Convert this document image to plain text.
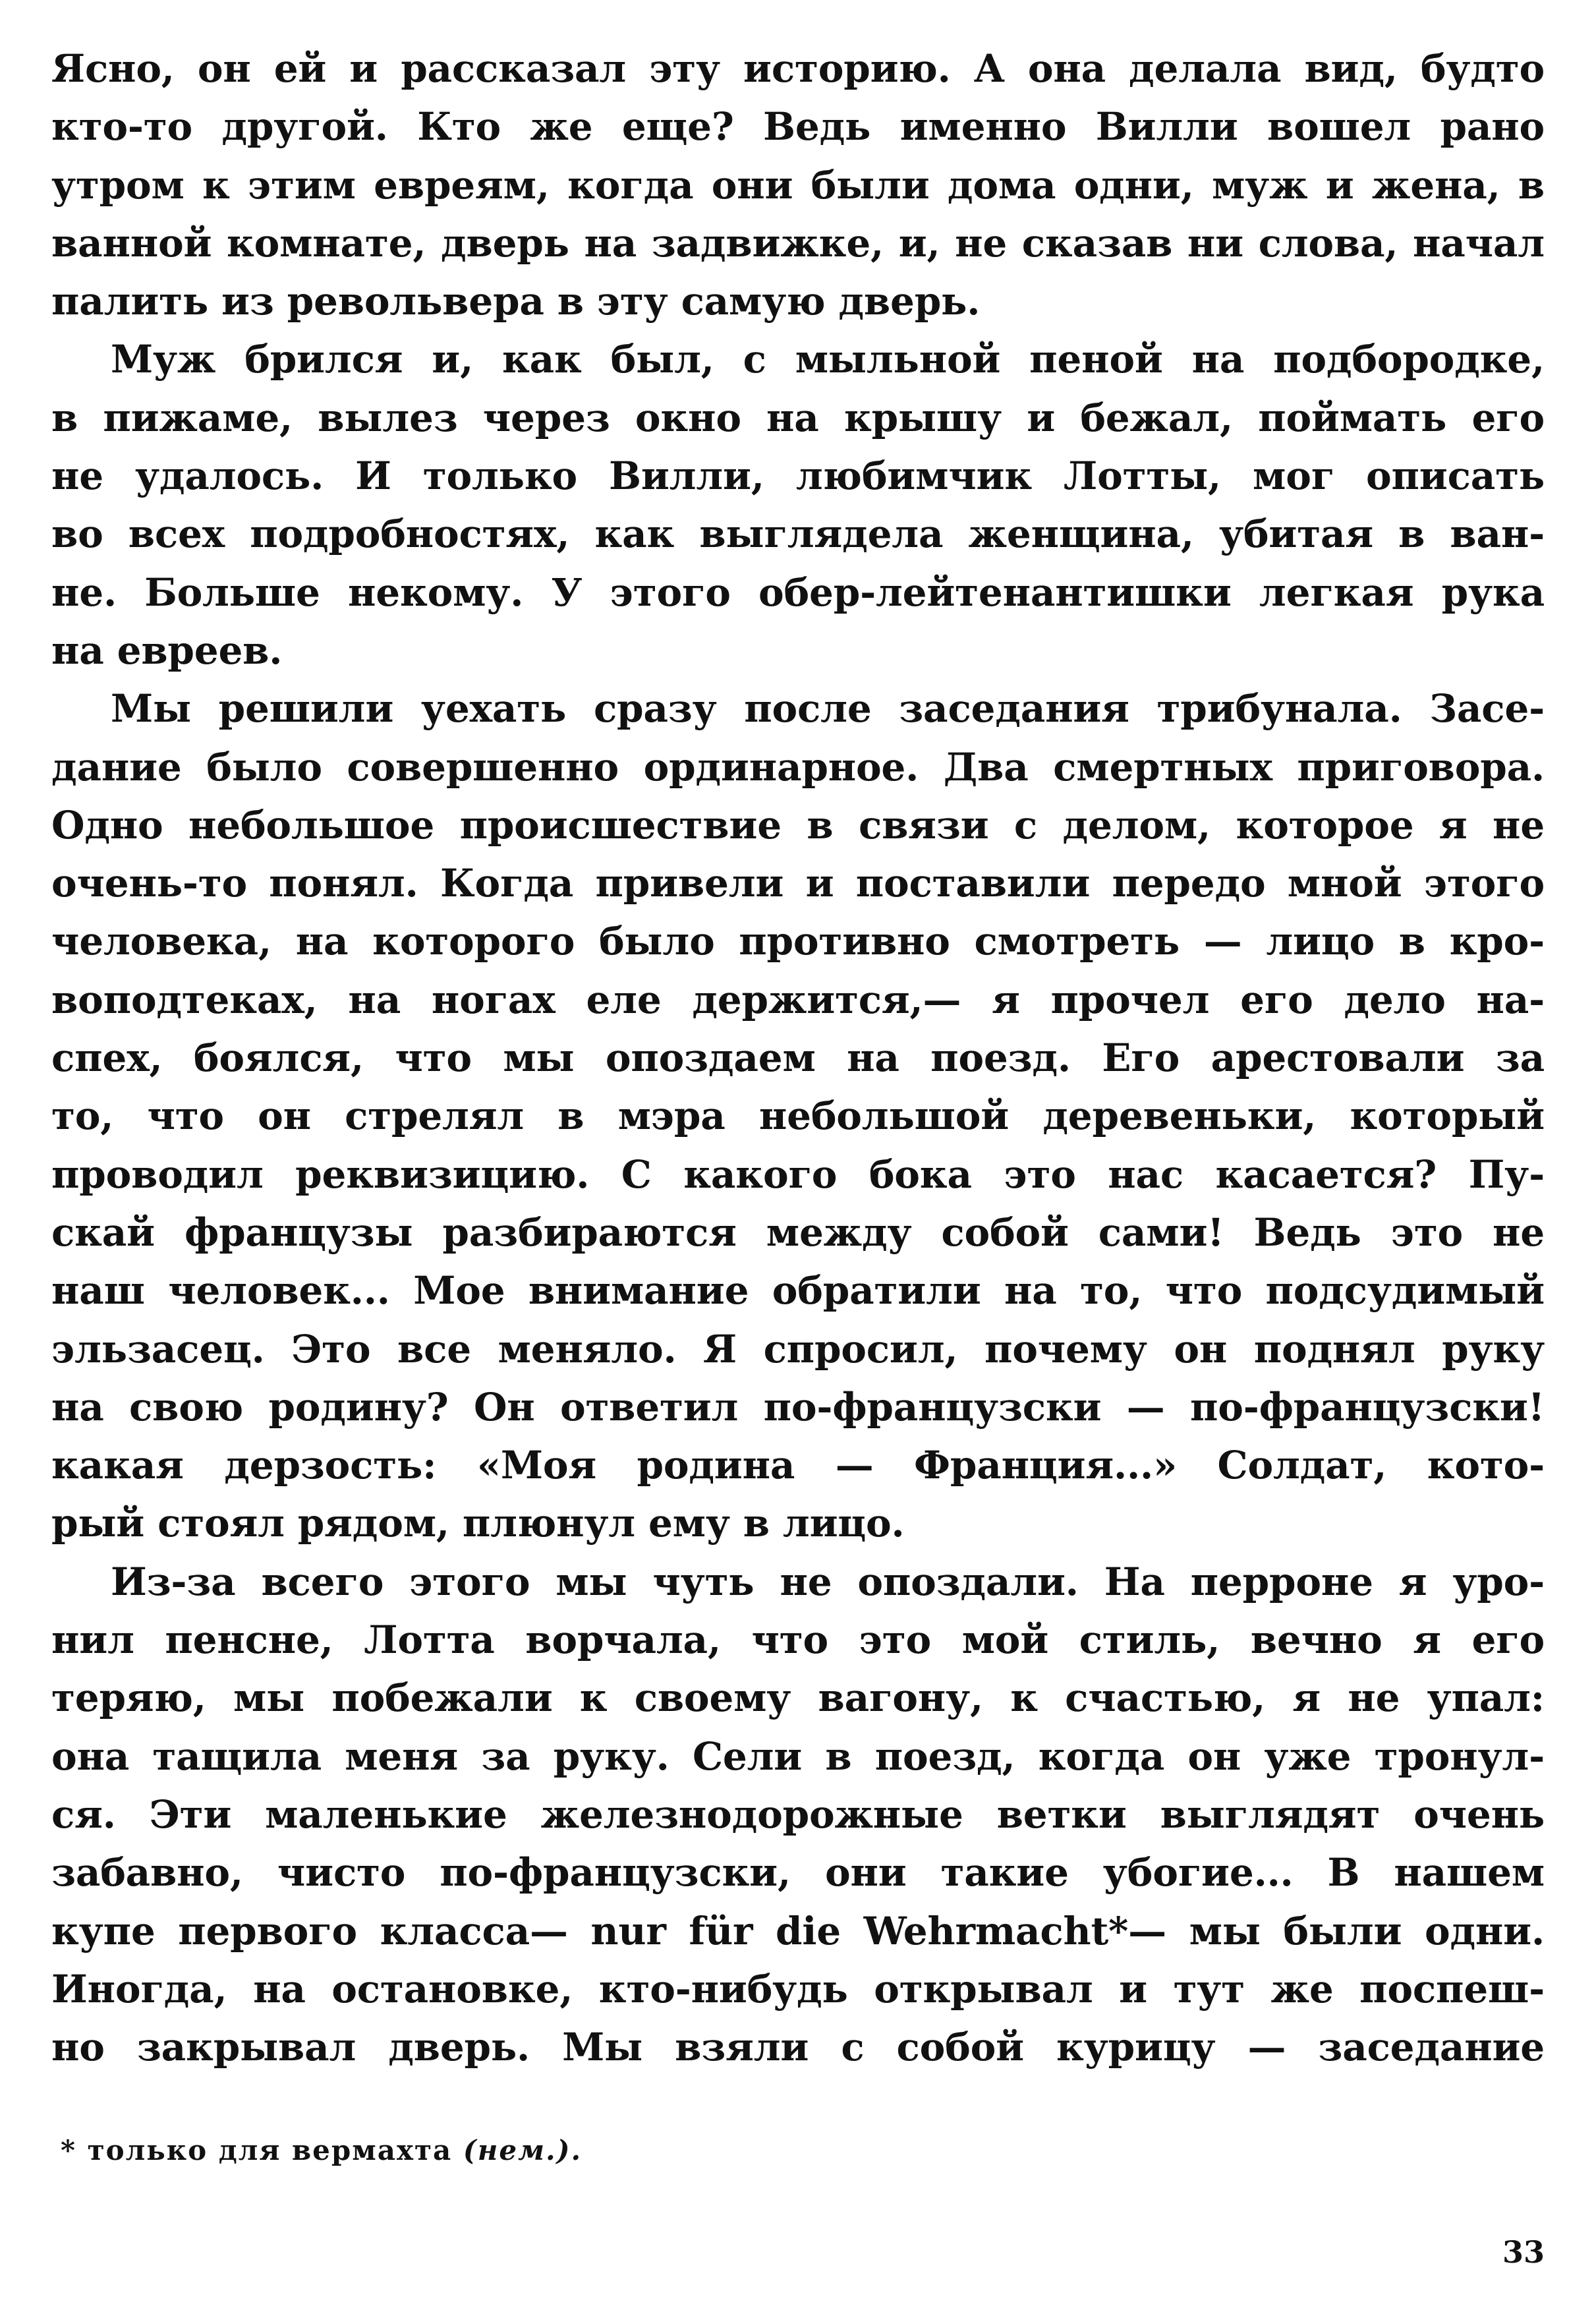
Ясно, он ей и рассказал эту историю. А она делала вид, будто
кто-то другой. Кто же еще? Ведь именно Вилли вошел рано
утром к этим евреям, когда они были дома одни, муж и жена, в
ванной комнате, дверь на задвижке, и, не сказав ни слова, начал
палить из револьвера в эту самую дверь.
Муж брился и, как был, с мыльной пеной на подбородке,
в пижаме, вылез через окно на крышу и бежал, поймать его
не удалось. И только Вилли, любимчик Лотты, мог описать
во всех подробностях, как выглядела женщина, убитая в ван-
не. Больше некому. У этого обер-лейтенантишки легкая рука
на евреев.
Мы решили уехать сразу после заседания трибунала. Засе-
дание было совершенно ординарное. Два смертных приговора.
Одно небольшое происшествие в связи с делом, которое я не
очень-то понял. Когда привели и поставили передо мной этого
человека, на которого было противно смотреть — лицо в кро-
воподтеках, на ногах еле держится,— я прочел его дело на-
спех, боялся, что мы опоздаем на поезд. Его арестовали за
то, что он стрелял в мэра небольшой деревеньки, который
проводил реквизицию. С какого бока это нас касается? Пу-
скай французы разбираются между собой сами! Ведь это не
наш человек... Мое внимание обратили на то, что подсудимый
эльзасец. Это все меняло. Я спросил, почему он поднял руку
на свою родину? Он ответил по-французски — по-французски!
какая дерзость: «Моя родина — Франция...» Солдат, кото-
рый стоял рядом, плюнул ему в лицо.
Из-за всего этого мы чуть не опоздали. На перроне я уро-
нил пенсне, Лотта ворчала, что это мой стиль, вечно я его
теряю, мы побежали к своему вагону, к счастью, я не упал:
она тащила меня за руку. Сели в поезд, когда он уже тронул-
ся. Эти маленькие железнодорожные ветки выглядят очень
забавно, чисто по-французски, они такие убогие... В нашем
купе первого класса— nur für die Wehrmacht*— мы были одни.
Иногда, на остановке, кто-нибудь открывал и тут же поспеш-
но закрывал дверь. Мы взяли с собой курицу — заседание
* только для вермахта (нем.).
33
